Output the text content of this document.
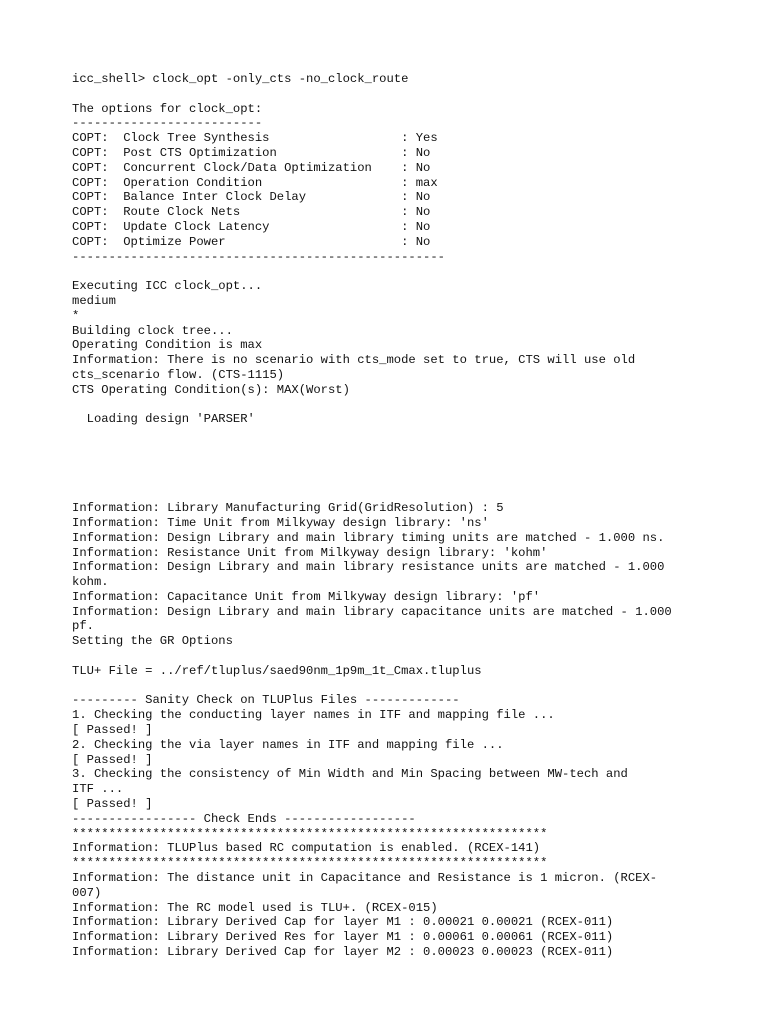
icc_shell> clock_opt -only_cts -no_clock_route
The options for clock_opt:
--------------------------
COPT:  Clock Tree Synthesis                  : Yes
COPT:  Post CTS Optimization                 : No
COPT:  Concurrent Clock/Data Optimization    : No
COPT:  Operation Condition                   : max
COPT:  Balance Inter Clock Delay             : No
COPT:  Route Clock Nets                      : No
COPT:  Update Clock Latency                  : No
COPT:  Optimize Power                        : No
---------------------------------------------------
Executing ICC clock_opt...
medium
*
Building clock tree...
Operating Condition is max
Information: There is no scenario with cts_mode set to true, CTS will use old
cts_scenario flow. (CTS-1115)
CTS Operating Condition(s): MAX(Worst)
Loading design 'PARSER'
Information: Library Manufacturing Grid(GridResolution) : 5
Information: Time Unit from Milkyway design library: 'ns'
Information: Design Library and main library timing units are matched - 1.000 ns.
Information: Resistance Unit from Milkyway design library: 'kohm'
Information: Design Library and main library resistance units are matched - 1.000
kohm.
Information: Capacitance Unit from Milkyway design library: 'pf'
Information: Design Library and main library capacitance units are matched - 1.000
pf.
Setting the GR Options
TLU+ File = ../ref/tluplus/saed90nm_1p9m_1t_Cmax.tluplus
--------- Sanity Check on TLUPlus Files -------------
1. Checking the conducting layer names in ITF and mapping file ...
[ Passed! ]
2. Checking the via layer names in ITF and mapping file ...
[ Passed! ]
3. Checking the consistency of Min Width and Min Spacing between MW-tech and
ITF ...
[ Passed! ]
----------------- Check Ends ------------------
*****************************************************************
Information: TLUPlus based RC computation is enabled. (RCEX-141)
*****************************************************************
Information: The distance unit in Capacitance and Resistance is 1 micron. (RCEX-
007)
Information: The RC model used is TLU+. (RCEX-015)
Information: Library Derived Cap for layer M1 : 0.00021 0.00021 (RCEX-011)
Information: Library Derived Res for layer M1 : 0.00061 0.00061 (RCEX-011)
Information: Library Derived Cap for layer M2 : 0.00023 0.00023 (RCEX-011)
